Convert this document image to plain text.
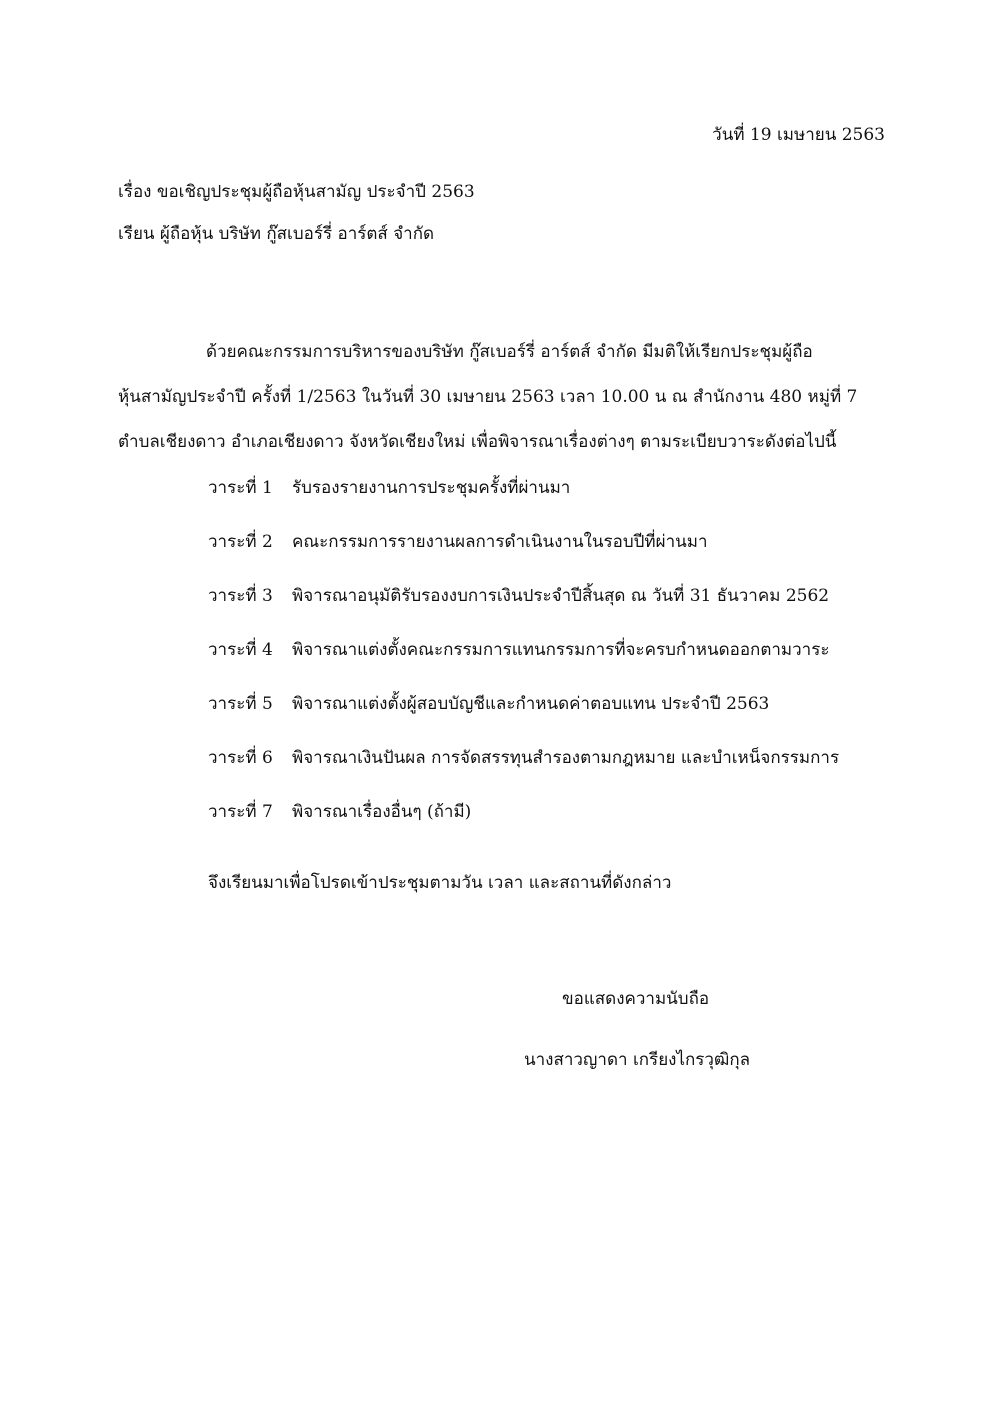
วันที่ 19 เมษายน 2563
เรื่อง ขอเชิญประชุมผู้ถือหุ้นสามัญ ประจำปี 2563
เรียน ผู้ถือหุ้น บริษัท กู๊สเบอร์รี่ อาร์ตส์ จำกัด
ด้วยคณะกรรมการบริหารของบริษัท กู๊สเบอร์รี่ อาร์ตส์ จำกัด มีมติให้เรียกประชุมผู้ถือ
หุ้นสามัญประจำปี ครั้งที่ 1/2563 ในวันที่ 30 เมษายน 2563 เวลา 10.00 น ณ สำนักงาน 480 หมู่ที่ 7
ตำบลเชียงดาว อำเภอเชียงดาว จังหวัดเชียงใหม่ เพื่อพิจารณาเรื่องต่างๆ ตามระเบียบวาระดังต่อไปนี้
วาระที่ 1	รับรองรายงานการประชุมครั้งที่ผ่านมา
วาระที่ 2	คณะกรรมการรายงานผลการดำเนินงานในรอบปีที่ผ่านมา
วาระที่ 3	พิจารณาอนุมัติรับรองงบการเงินประจำปีสิ้นสุด ณ วันที่ 31 ธันวาคม 2562
วาระที่ 4	พิจารณาแต่งตั้งคณะกรรมการแทนกรรมการที่จะครบกำหนดออกตามวาระ
วาระที่ 5	พิจารณาแต่งตั้งผู้สอบบัญชีและกำหนดค่าตอบแทน ประจำปี 2563
วาระที่ 6	พิจารณาเงินปันผล การจัดสรรทุนสำรองตามกฎหมาย และบำเหน็จกรรมการ
วาระที่ 7	พิจารณาเรื่องอื่นๆ (ถ้ามี)
จึงเรียนมาเพื่อโปรดเข้าประชุมตามวัน เวลา และสถานที่ดังกล่าว
ขอแสดงความนับถือ
นางสาวญาดา เกรียงไกรวุฒิกุล
